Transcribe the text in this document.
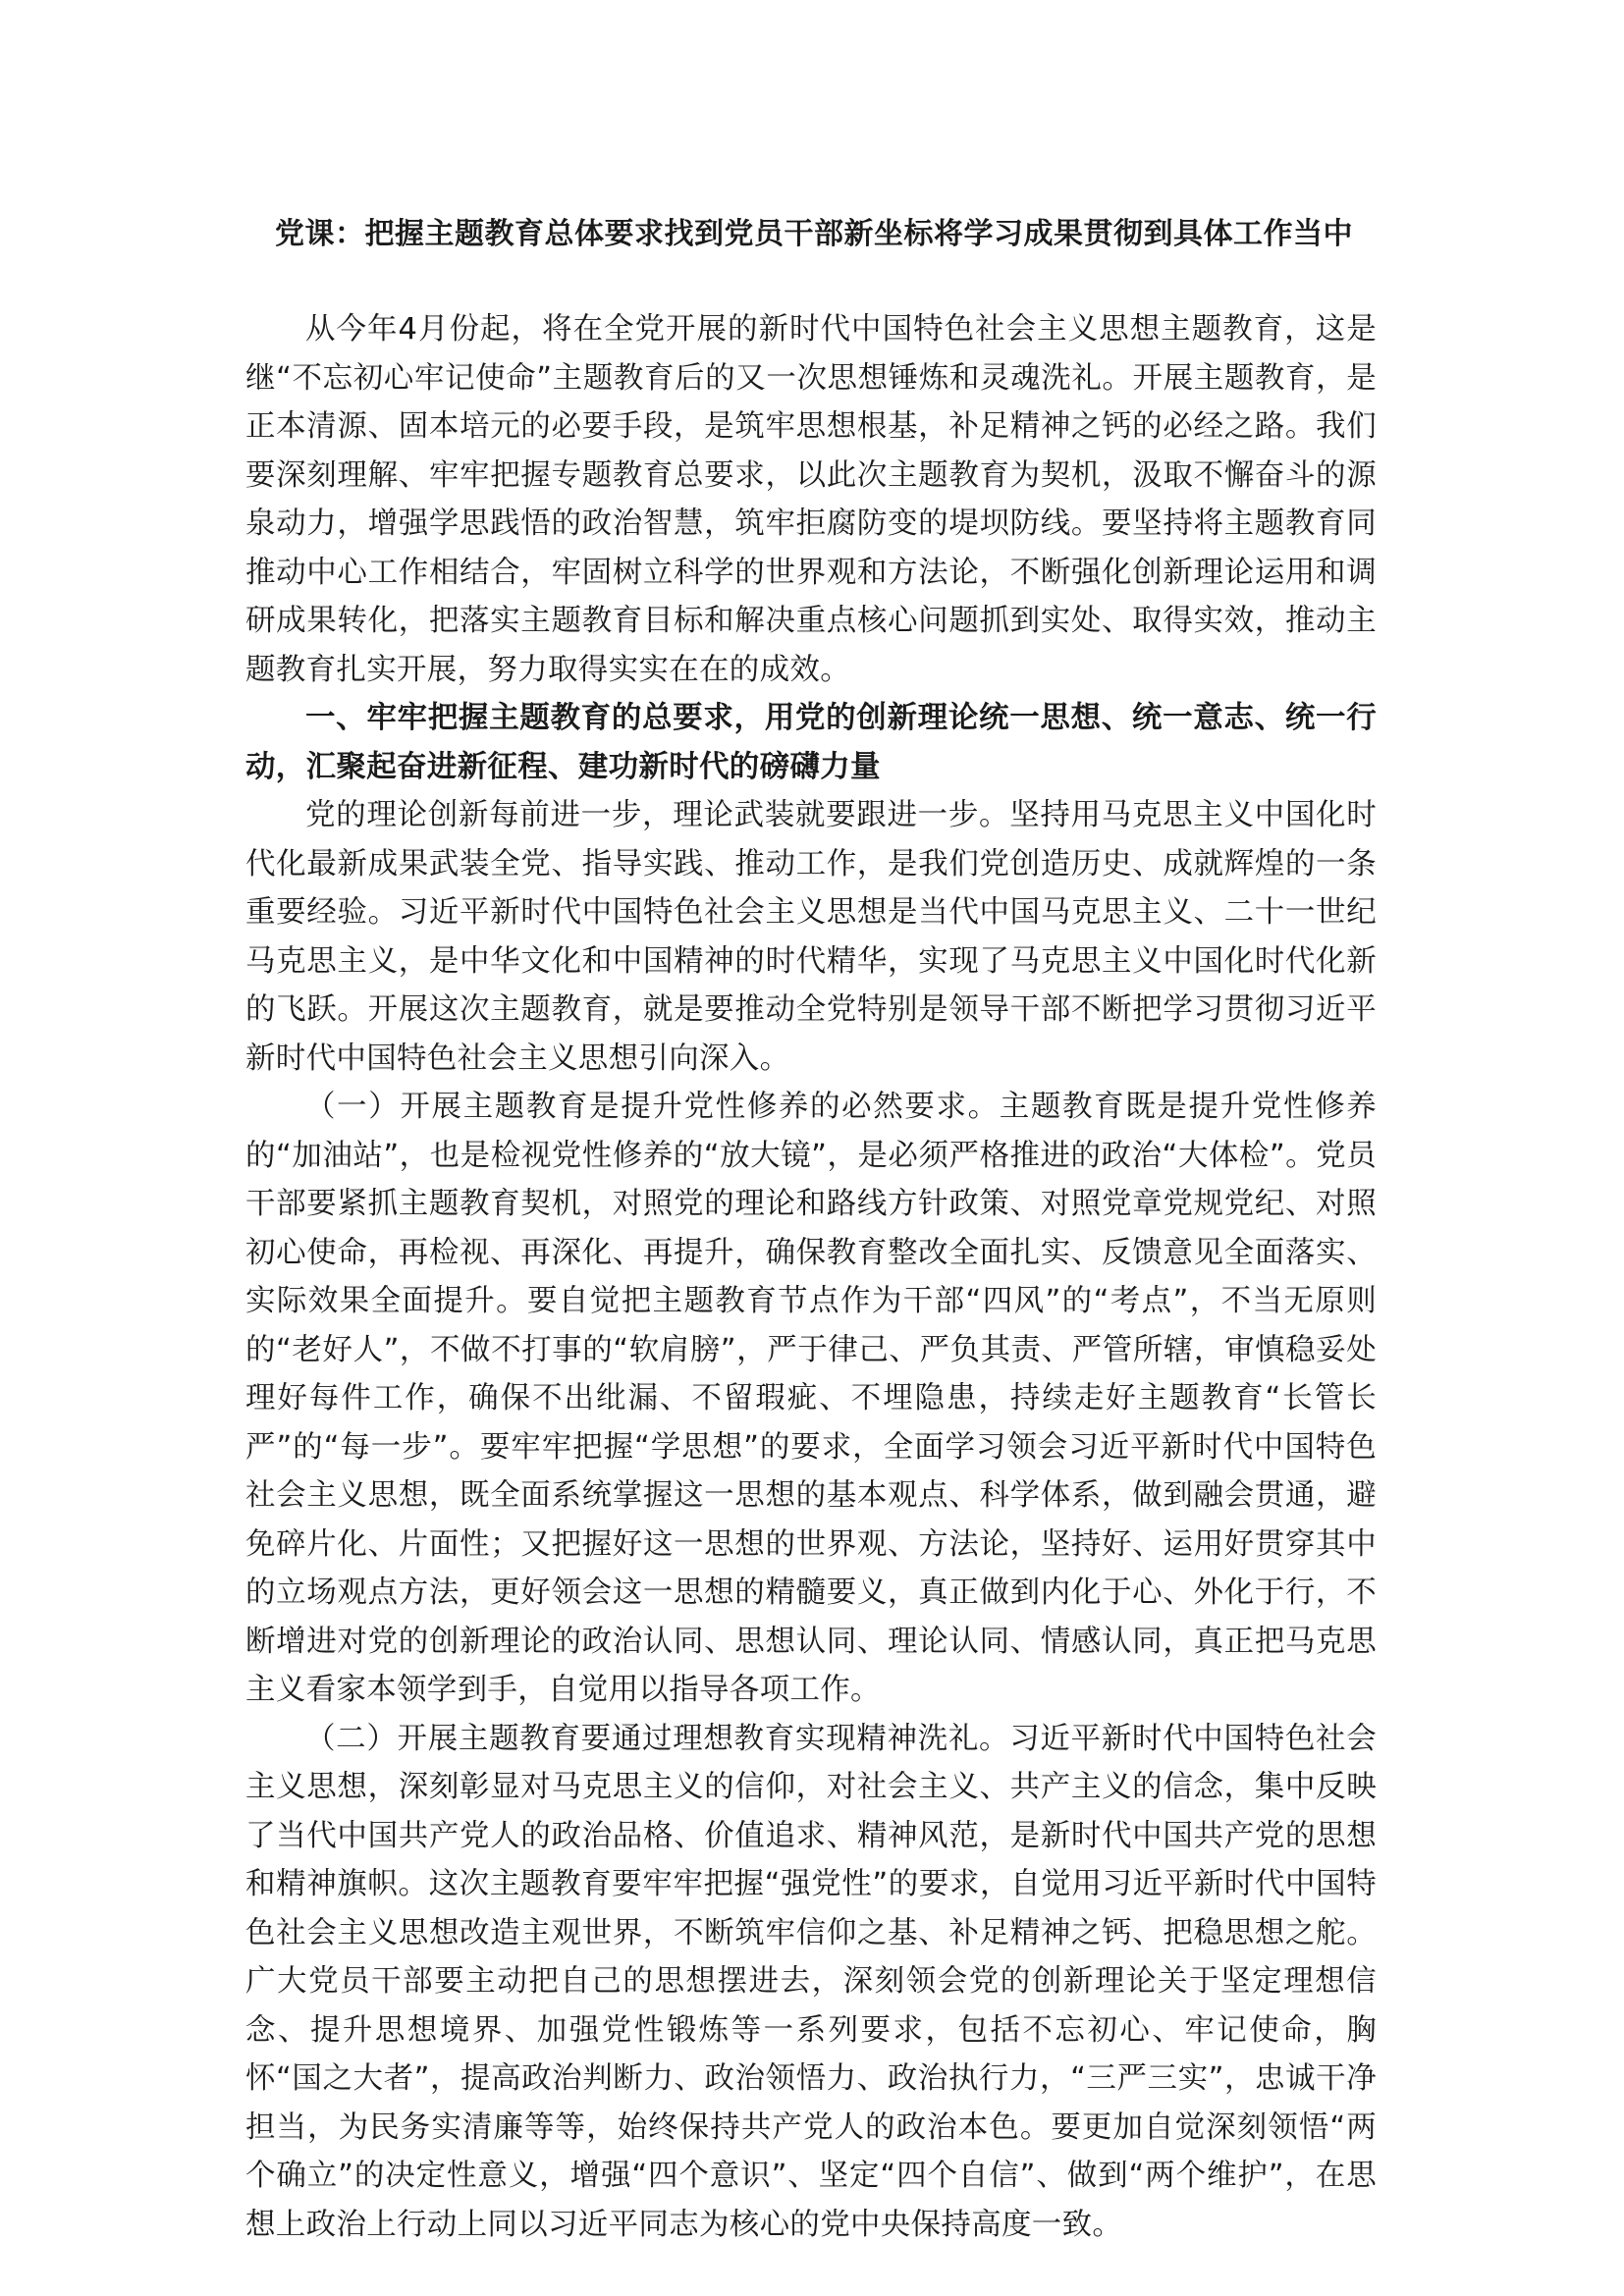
党课：把握主题教育总体要求找到党员干部新坐标将学习成果贯彻到具体工作当中

从今年4月份起，将在全党开展的新时代中国特色社会主义思想主题教育，这是继“不忘初心牢记使命”主题教育后的又一次思想锤炼和灵魂洗礼。开展主题教育，是正本清源、固本培元的必要手段，是筑牢思想根基，补足精神之钙的必经之路。我们要深刻理解、牢牢把握专题教育总要求，以此次主题教育为契机，汲取不懈奋斗的源泉动力，增强学思践悟的政治智慧，筑牢拒腐防变的堤坝防线。要坚持将主题教育同推动中心工作相结合，牢固树立科学的世界观和方法论，不断强化创新理论运用和调研成果转化，把落实主题教育目标和解决重点核心问题抓到实处、取得实效，推动主题教育扎实开展，努力取得实实在在的成效。

一、牢牢把握主题教育的总要求，用党的创新理论统一思想、统一意志、统一行动，汇聚起奋进新征程、建功新时代的磅礴力量

党的理论创新每前进一步，理论武装就要跟进一步。坚持用马克思主义中国化时代化最新成果武装全党、指导实践、推动工作，是我们党创造历史、成就辉煌的一条重要经验。习近平新时代中国特色社会主义思想是当代中国马克思主义、二十一世纪马克思主义，是中华文化和中国精神的时代精华，实现了马克思主义中国化时代化新的飞跃。开展这次主题教育，就是要推动全党特别是领导干部不断把学习贯彻习近平新时代中国特色社会主义思想引向深入。

（一）开展主题教育是提升党性修养的必然要求。主题教育既是提升党性修养的“加油站”，也是检视党性修养的“放大镜”，是必须严格推进的政治“大体检”。党员干部要紧抓主题教育契机，对照党的理论和路线方针政策、对照党章党规党纪、对照初心使命，再检视、再深化、再提升，确保教育整改全面扎实、反馈意见全面落实、实际效果全面提升。要自觉把主题教育节点作为干部“四风”的“考点”，不当无原则的“老好人”，不做不打事的“软肩膀”，严于律己、严负其责、严管所辖，审慎稳妥处理好每件工作，确保不出纰漏、不留瑕疵、不埋隐患，持续走好主题教育“长管长严”的“每一步”。要牢牢把握“学思想”的要求，全面学习领会习近平新时代中国特色社会主义思想，既全面系统掌握这一思想的基本观点、科学体系，做到融会贯通，避免碎片化、片面性；又把握好这一思想的世界观、方法论，坚持好、运用好贯穿其中的立场观点方法，更好领会这一思想的精髓要义，真正做到内化于心、外化于行，不断增进对党的创新理论的政治认同、思想认同、理论认同、情感认同，真正把马克思主义看家本领学到手，自觉用以指导各项工作。

（二）开展主题教育要通过理想教育实现精神洗礼。习近平新时代中国特色社会主义思想，深刻彰显对马克思主义的信仰，对社会主义、共产主义的信念，集中反映了当代中国共产党人的政治品格、价值追求、精神风范，是新时代中国共产党的思想和精神旗帜。这次主题教育要牢牢把握“强党性”的要求，自觉用习近平新时代中国特色社会主义思想改造主观世界，不断筑牢信仰之基、补足精神之钙、把稳思想之舵。广大党员干部要主动把自己的思想摆进去，深刻领会党的创新理论关于坚定理想信念、提升思想境界、加强党性锻炼等一系列要求，包括不忘初心、牢记使命，胸怀“国之大者”，提高政治判断力、政治领悟力、政治执行力，“三严三实”，忠诚干净担当，为民务实清廉等等，始终保持共产党人的政治本色。要更加自觉深刻领悟“两个确立”的决定性意义，增强“四个意识”、坚定“四个自信”、做到“两个维护”，在思想上政治上行动上同以习近平同志为核心的党中央保持高度一致。
